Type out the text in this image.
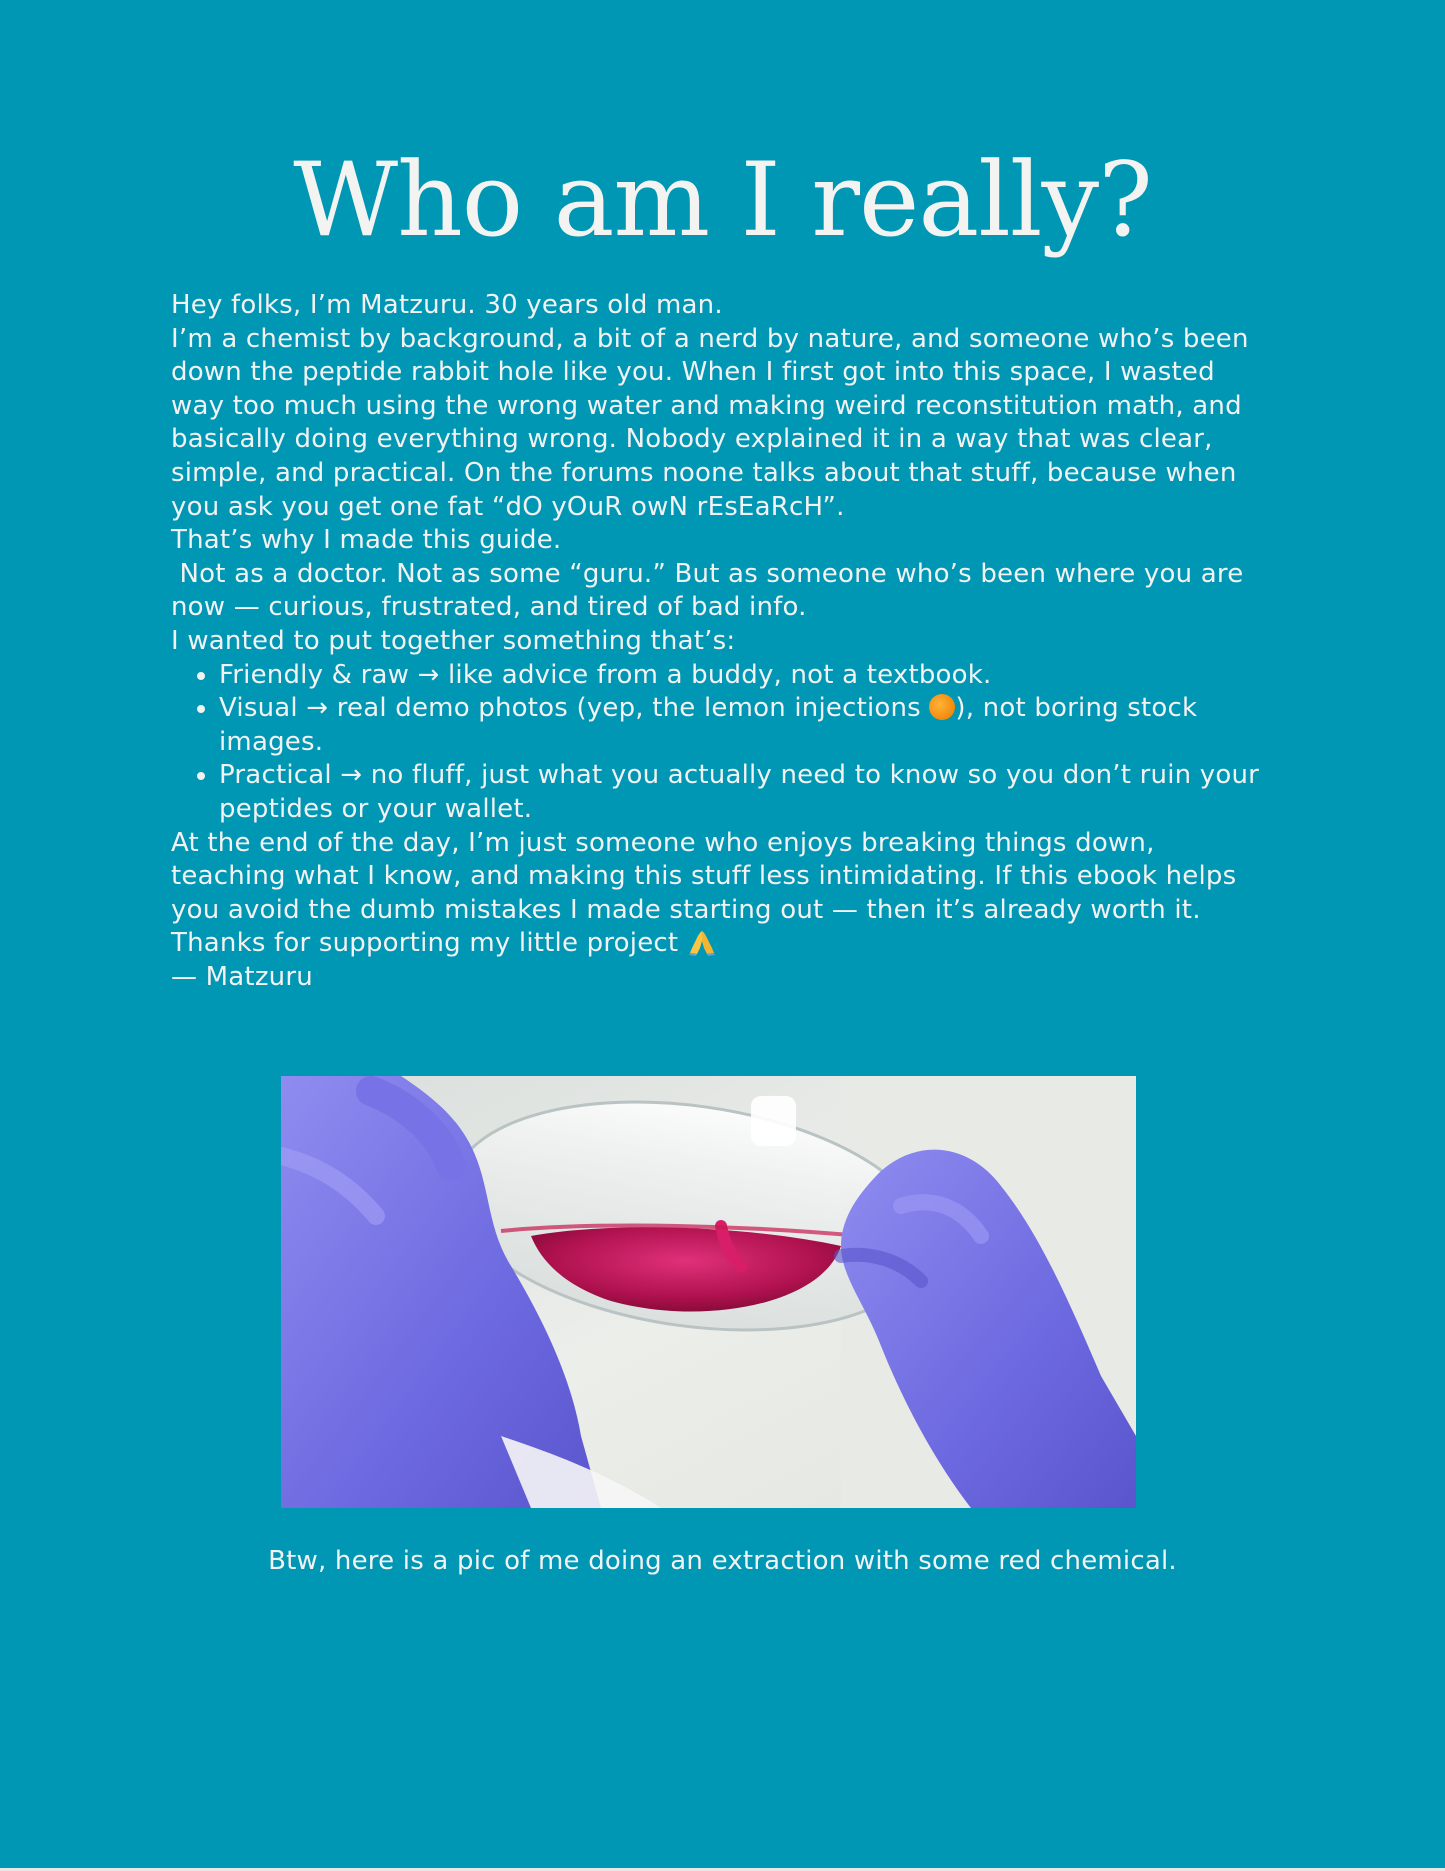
Who am I really?

Hey folks, I’m Matzuru. 30 years old man.

I’m a chemist by background, a bit of a nerd by nature, and someone who’s been down the peptide rabbit hole like you. When I first got into this space, I wasted way too much using the wrong water and making weird reconstitution math, and basically doing everything wrong. Nobody explained it in a way that was clear, simple, and practical. On the forums noone talks about that stuff, because when you ask you get one fat “dO yOuR owN rEsEaRcH”.

That’s why I made this guide.

Not as a doctor. Not as some “guru.” But as someone who’s been where you are now — curious, frustrated, and tired of bad info.

I wanted to put together something that’s:

• Friendly & raw → like advice from a buddy, not a textbook.
• Visual → real demo photos (yep, the lemon injections ), not boring stock images.
• Practical → no fluff, just what you actually need to know so you don’t ruin your peptides or your wallet.

At the end of the day, I’m just someone who enjoys breaking things down, teaching what I know, and making this stuff less intimidating. If this ebook helps you avoid the dumb mistakes I made starting out — then it’s already worth it.

Thanks for supporting my little project

— Matzuru

Btw, here is a pic of me doing an extraction with some red chemical.
